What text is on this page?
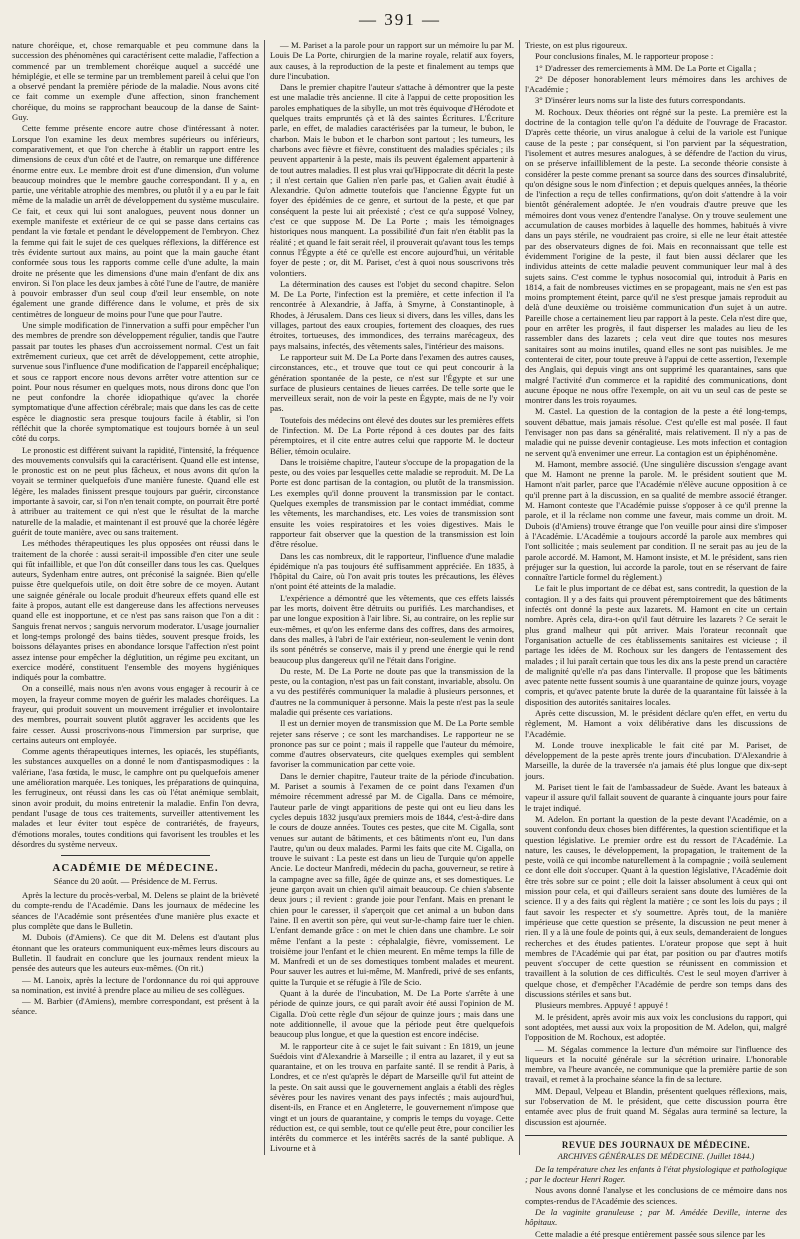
— 391 —

nature choréique, et, chose remarquable et peu commune dans la succession des phénomènes qui caractérisent cette maladie, l'affection a commencé par un tremblement choréique auquel a succédé une hémiplégie, et elle se termine par un tremblement pareil à celui que l'on a observé pendant la première période de la maladie. Nous avons cité ce fait comme un exemple d'une affection, sinon franchement choréique, du moins se rapprochant beaucoup de la danse de Saint-Guy.

Cette femme présente encore autre chose d'intéressant à noter. Lorsque l'on examine les deux membres supérieurs ou inférieurs, comparativement, et que l'on cherche à établir un rapport entre les dimensions de ceux d'un côté et de l'autre, on remarque une différence énorme entre eux. Le membre droit est d'une dimension, d'un volume beaucoup moindres que le membre gauche correspondant. Il y a, en partie, une véritable atrophie des membres, ou plutôt il y a eu par le fait même de la maladie un arrêt de développement du système musculaire. Ce fait, et ceux qui lui sont analogues, peuvent nous donner un exemple manifeste et extérieur de ce qui se passe dans certains cas pendant la vie fœtale et pendant le développement de l'embryon. Chez la femme qui fait le sujet de ces quelques réflexions, la différence est très évidente surtout aux mains, au point que la main gauche étant conformée sous tous les rapports comme celle d'une adulte, la main droite ne présente que les dimensions d'une main d'enfant de dix ans environ. Si l'on place les deux jambes à côté l'une de l'autre, de manière à pouvoir embrasser d'un seul coup d'œil leur ensemble, on note également une grande différence dans le volume, et près de six centimètres de longueur de moins pour l'une que pour l'autre.

Une simple modification de l'innervation a suffi pour empêcher l'un des membres de prendre son développement régulier, tandis que l'autre passait par toutes les phases d'un accroissement normal. C'est un fait extrêmement curieux, que cet arrêt de développement, cette atrophie, survenue sous l'influence d'une modification de l'appareil encéphalique; et sous ce rapport encore nous devons arrêter votre attention sur ce point. Pour nous résumer en quelques mots, nous dirons donc que l'on ne peut confondre la chorée idiopathique qu'avec la chorée symptomatique d'une affection cérébrale; mais que dans les cas de cette espèce le diagnostic sera presque toujours facile à établir, si l'on réfléchit que la chorée symptomatique est toujours bornée à un seul côté du corps.

Le pronostic est différent suivant la rapidité, l'intensité, la fréquence des mouvements convulsifs qui la caractérisent. Quand elle est intense, le pronostic est on ne peut plus fâcheux, et nous avons dit qu'on la voyait se terminer quelquefois d'une manière funeste. Quand elle est légère, les malades finissent presque toujours par guérir, circonstance importante à savoir, car, si l'on n'en tenait compte, on pourrait être porté à attribuer au traitement ce qui n'est que le résultat de la marche naturelle de la maladie, et maintenant il est prouvé que la chorée légère guérit de toute manière, avec ou sans traitement.

Les méthodes thérapeutiques les plus opposées ont réussi dans le traitement de la chorée : aussi serait-il impossible d'en citer une seule qui fût infaillible, et que l'on dût conseiller dans tous les cas. Quelques auteurs, Sydenham entre autres, ont préconisé la saignée. Bien qu'elle puisse être quelquefois utile, on doit être sobre de ce moyen. Autant une saignée générale ou locale produit d'heureux effets quand elle est faite à propos, autant elle est dangereuse dans les affections nerveuses quand elle est inopportune, et ce n'est pas sans raison que l'on a dit : Sanguis frenat nervos ; sanguis nervorum moderator. L'usage journalier et long-temps prolongé des bains tièdes, souvent presque froids, les boissons délayantes prises en abondance lorsque l'affection n'est point assez intense pour empêcher la déglutition, un régime peu excitant, un exercice modéré, constituent l'ensemble des moyens hygiéniques indiqués pour la combattre.

On a conseillé, mais nous n'en avons vous engager à recourir à ce moyen, la frayeur comme moyen de guérir les malades choréiques. La frayeur, qui produit souvent un mouvement irrégulier et involontaire des membres, pourrait souvent plutôt aggraver les accidents que les faire cesser. Aussi proscrivons-nous l'immersion par surprise, que certains auteurs ont employée.

Comme agents thérapeutiques internes, les opiacés, les stupéfiants, les substances auxquelles on a donné le nom d'antispasmodiques : la valériane, l'asa fœtida, le musc, le camphre ont pu quelquefois amener une amélioration marquée. Les toniques, les préparations de quinquina, les ferrugineux, ont réussi dans les cas où l'état anémique semblait, sinon avoir produit, du moins entretenir la maladie. Enfin l'on devra, pendant l'usage de tous ces traitements, surveiller attentivement les malades et leur éviter tout espèce de contrariétés, de frayeurs, d'émotions morales, toutes conditions qui favorisent les troubles et les désordres du système nerveux.

ACADÉMIE DE MÉDECINE.
Séance du 20 août. — Présidence de M. Ferrus.

Après la lecture du procès-verbal, M. Delens se plaint de la brièveté du compte-rendu de l'Académie. Dans les journaux de médecine les séances de l'Académie sont présentées d'une manière plus exacte et plus complète que dans le Bulletin.

M. Dubois (d'Amiens). Ce que dit M. Delens est d'autant plus étonnant que les orateurs communiquent eux-mêmes leurs discours au Bulletin. Il faudrait en conclure que les journaux rendent mieux la pensée des auteurs que les auteurs eux-mêmes. (On rit.)

— M. Lanoix, après la lecture de l'ordonnance du roi qui approuve sa nomination, est invité à prendre place au milieu de ses collègues.

— M. Barbier (d'Amiens), membre correspondant, est présent à la séance.

— M. Pariset a la parole pour un rapport sur un mémoire lu par M. Louis De La Porte, chirurgien de la marine royale, relatif aux foyers, aux causes, à la reproduction de la peste et finalement au temps que dure l'incubation.

Dans le premier chapitre l'auteur s'attache à démontrer que la peste est une maladie très ancienne. Il cite à l'appui de cette proposition les paroles emphatiques de la sibylle, un mot très équivoque d'Hérodote et quelques traits empruntés çà et là des saintes Écritures. L'Écriture parle, en effet, de maladies caractérisées par la tumeur, le bubon, le charbon. Mais le bubon et le charbon sont partout ; les tumeurs, les charbons avec fièvre et fièvre, constituent des maladies spéciales ; ils peuvent appartenir à la peste, mais ils peuvent également appartenir à de tout autres maladies. Il est plus vrai qu'Hippocrate dit décrit la peste ; il n'est certain que Galien n'en parle pas, et Galien avait étudié à Alexandrie. Qu'on admette toutefois que l'ancienne Égypte fut un foyer des épidémies de ce genre, et surtout de la peste, et que par conséquent la peste lui ait préexisté ; c'est ce qu'a supposé Volney, c'est ce que suppose M. De La Porte ; mais les témoignages historiques nous manquent. La possibilité d'un fait n'en établit pas la réalité ; et quand le fait serait réel, il prouverait qu'avant tous les temps connus l'Égypte a été ce qu'elle est encore aujourd'hui, un véritable foyer de peste ; or, dit M. Pariset, c'est à quoi nous souscrivons très volontiers.

La détermination des causes est l'objet du second chapitre. Selon M. De La Porte, l'infection est la première, et cette infection il l'a rencontrée à Alexandrie, à Jaffa, à Smyrne, à Constantinople, à Rhodes, à Jérusalem. Dans ces lieux si divers, dans les villes, dans les villages, partout des eaux croupies, fortement des cloaques, des rues étroites, tortueuses, des immondices, des terrains marécageux, des pays malsains, infectés, des vêtements sales, l'intérieur des maisons.

Le rapporteur suit M. De La Porte dans l'examen des autres causes, circonstances, etc., et trouve que tout ce qui peut concourir à la génération spontanée de la peste, ce n'est sur l'Égypte et sur une surface de plusieurs centaines de lieues carrées. De telle sorte que le merveilleux serait, non de voir la peste en Égypte, mais de ne l'y voir pas.

Toutefois des médecins ont élevé des doutes sur les premières effets de l'infection. M. De La Porte répond à ces doutes par des faits péremptoires, et il cite entre autres celui que rapporte M. le docteur Bélier, témoin oculaire.

Dans le troisième chapitre, l'auteur s'occupe de la propagation de la peste, ou des voies par lesquelles cette maladie se reproduit. M. De La Porte est donc partisan de la contagion, ou plutôt de la transmission. Les exemples qu'il donne prouvent la transmission par le contact. Quelques exemples de transmission par le contact immédiat, comme les vêtements, les marchandises, etc. Les voies de transmission sont ensuite les voies respiratoires et les voies digestives. Mais le rapporteur fait observer que la question de la transmission est loin d'être résolue.

Dans les cas nombreux, dit le rapporteur, l'influence d'une maladie épidémique n'a pas toujours été suffisamment appréciée. En 1835, à l'hôpital du Caire, où l'on avait pris toutes les précautions, les élèves n'ont point été atteints de la maladie.

L'expérience a démontré que les vêtements, que ces effets laissés par les morts, doivent être détruits ou purifiés. Les marchandises, et par une longue exposition à l'air libre. Si, au contraire, on les replie sur eux-mêmes, et qu'on les enferme dans des coffres, dans des armoires, dans des malles, à l'abri de l'air extérieur, non-seulement le venin dont ils sont pénétrés se conserve, mais il y prend une énergie qui le rend beaucoup plus dangereux qu'il ne l'était dans l'origine.

Du reste, M. De La Porte ne doute pas que la transmission de la peste, ou la contagion, n'est pas un fait constant, invariable, absolu. On a vu des pestiférés communiquer la maladie à plusieurs personnes, et d'autres ne la communiquer à personne. Mais la peste n'est pas la seule maladie qui présente ces variations.

Il est un dernier moyen de transmission que M. De La Porte semble rejeter sans réserve ; ce sont les marchandises. Le rapporteur ne se prononce pas sur ce point ; mais il rappelle que l'auteur du mémoire, comme d'autres observateurs, cite quelques exemples qui semblent favoriser la communication par cette voie.

Dans le dernier chapitre, l'auteur traite de la période d'incubation. M. Pariset a soumis à l'examen de ce point dans l'examen d'un mémoire récemment adressé par M. de Cigalla. Dans ce mémoire, l'auteur parle de vingt apparitions de peste qui ont eu lieu dans les cycles depuis 1832 jusqu'aux premiers mois de 1844, c'est-à-dire dans le cours de douze années. Toutes ces pestes, que cite M. Cigalla, sont venues sur autant de bâtiments, et ces bâtiments n'ont eu, l'un dans l'autre, qu'un ou deux malades. Parmi les faits que cite M. Cigalla, on trouve le suivant : La peste est dans un lieu de Turquie qu'on appelle Ancie. Le docteur Manfredi, médecin du pacha, gouverneur, se retire à la campagne avec sa fille, âgée de quinze ans, et ses domestiques. Le jeune garçon avait un chien qu'il aimait beaucoup. Ce chien s'absente deux jours ; il revient : grande joie pour l'enfant. Mais en prenant le chien pour le caresser, il s'aperçoit que cet animal a un bubon dans l'aine. Il en avertit son père, qui veut sur-le-champ faire tuer le chien. L'enfant demande grâce : on met le chien dans une chambre. Le soir même l'enfant a la peste : céphalalgie, fièvre, vomissement. Le troisième jour l'enfant et le chien meurent. En même temps la fille de M. Manfredi et un de ses domestiques tombent malades et meurent. Pour sauver les autres et lui-même, M. Manfredi, privé de ses enfants, quitte la Turquie et se réfugie à l'île de Scio.

Quant à la durée de l'incubation, M. De La Porte s'arrête à une période de quinze jours, ce qui paraît avoir été aussi l'opinion de M. Cigalla. D'où cette règle d'un séjour de quinze jours ; mais dans une note additionnelle, il avoue que la période peut être quelquefois beaucoup plus longue, et que la question est encore indécise.

M. le rapporteur cite à ce sujet le fait suivant : En 1819, un jeune Suédois vint d'Alexandrie à Marseille ; il entra au lazaret, il y eut sa quarantaine, et on les trouva en parfaite santé. Il se rendit à Paris, à Londres, et ce n'est qu'après le départ de Marseille qu'il fut atteint de la peste. On sait aussi que le gouvernement anglais a établi des règles sévères pour les navires venant des pays infectés ; mais aujourd'hui, disent-ils, en France et en Angleterre, le gouvernement n'impose que vingt et un jours de quarantaine, y compris le temps du voyage. Cette réduction est, ce qui semble, tout ce qu'elle peut être, pour concilier les intérêts du commerce et les intérêts sacrés de la santé publique. A Livourne et à

Trieste, on est plus rigoureux.

Pour conclusions finales, M. le rapporteur propose :

1° D'adresser des remerciements à MM. De La Porte et Cigalla ;

2° De déposer honorablement leurs mémoires dans les archives de l'Académie ;

3° D'insérer leurs noms sur la liste des futurs correspondants.

M. Rochoux. Deux théories ont régné sur la peste. La première est la doctrine de la contagion telle qu'on l'a déduite de l'ouvrage de Fracastor. D'après cette théorie, un virus analogue à celui de la variole est l'unique cause de la peste ; par conséquent, si l'on parvient par la séquestration, l'isolement et autres mesures analogues, à se défendre de l'action du virus, on se préserve infailliblement de la peste. La seconde théorie consiste à considérer la peste comme prenant sa source dans des sources d'insalubrité, qu'on désigne sous le nom d'infection ; et depuis quelques années, la théorie de l'infection a reçu de telles confirmations, qu'on doit s'attendre à la voir bientôt généralement adoptée. Je n'en voudrais d'autre preuve que les mémoires dont vous venez d'entendre l'analyse. On y trouve seulement une accumulation de causes morbides à laquelle des hommes, habitués à vivre dans un pays stérile, ne voudraient pas croire, si elle ne leur était attestée par des observateurs dignes de foi. Mais en reconnaissant que telle est évidemment l'origine de la peste, il faut bien aussi déclarer que les individus atteints de cette maladie peuvent communiquer leur mal à des sujets sains. C'est comme le typhus nosocomial qui, introduit à Paris en 1814, a fait de nombreuses victimes en se propageant, mais ne s'en est pas moins promptement éteint, parce qu'il ne s'est presque jamais reproduit au delà d'une deuxième ou troisième communication d'un sujet à un autre. Pareille chose a certainement lieu par rapport à la peste. Cela n'est dire que, pour en arrêter les progrès, il faut disperser les malades au lieu de les rassembler dans des lazarets ; cela veut dire que toutes nos mesures sanitaires sont au moins inutiles, quand elles ne sont pas nuisibles. Je me contenterai de citer, pour toute preuve à l'appui de cette assertion, l'exemple des Anglais, qui depuis vingt ans ont supprimé les quarantaines, sans que malgré l'activité d'un commerce et la rapidité des communications, dont aucune époque ne nous offre l'exemple, on ait vu un seul cas de peste se montrer dans les trois royaumes.

M. Castel. La question de la contagion de la peste a été long-temps, souvent débattue, mais jamais résolue. C'est qu'elle est mal posée. Il faut l'envisager non pas dans sa généralité, mais relativement. Il n'y a pas de maladie qui ne puisse devenir contagieuse. Les mots infection et contagion ne servent qu'à envenimer une erreur. La contagion est un épiphénomène.

M. Hamont, membre associé. (Une singulière discussion s'engage avant que M. Hamont ne prenne la parole. M. le président soutient que M. Hamont n'ait parler, parce que l'Académie n'élève aucune opposition à ce qu'il prenne part à la discussion, en sa qualité de membre associé étranger. M. Hamont conteste que l'Académie puisse s'opposer à ce qu'il prenne la parole, et il la réclame non comme une faveur, mais comme un droit. M. Dubois (d'Amiens) trouve étrange que l'on veuille pour ainsi dire s'imposer à l'Académie. L'Académie a toujours accordé la parole aux membres qui l'ont sollicitée ; mais seulement par condition. Il ne serait pas au jeu de la parole accordé. M. Hamont, M. Hamont insiste, et M. le président, sans rien préjuger sur la question, lui accorde la parole, tout en se réservant de faire connaître l'article formel du règlement.)

Le fait le plus important de ce débat est, sans contredit, la question de la contagion. Il y a des faits qui prouvent péremptoirement que des bâtiments infectés ont donné la peste aux lazarets. M. Hamont en cite un certain nombre. Après cela, dira-t-on qu'il faut détruire les lazarets ? Ce serait le plus grand malheur qui pût arriver. Mais l'orateur reconnaît que l'organisation actuelle de ces établissements sanitaires est vicieuse ; il partage les idées de M. Rochoux sur les dangers de l'entassement des malades ; il lui paraît certain que tous les dix ans la peste prend un caractère de malignité qu'elle n'a pas dans l'intervalle. Il propose que les bâtiments avec patente nette fussent soumis à une quarantaine de quinze jours, voyage compris, et qu'avec patente brute la durée de la quarantaine fût laissée à la disposition des autorités sanitaires locales.

Après cette discussion, M. le président déclare qu'en effet, en vertu du règlement, M. Hamont a voix délibérative dans les discussions de l'Académie.

M. Londe trouve inexplicable le fait cité par M. Pariset, de développement de la peste après trente jours d'incubation. D'Alexandrie à Marseille, la durée de la traversée n'a jamais été plus longue que dix-sept jours.

M. Pariset tient le fait de l'ambassadeur de Suède. Avant les bateaux à vapeur il assure qu'il fallait souvent de quarante à cinquante jours pour faire le trajet indiqué.

M. Adelon. En portant la question de la peste devant l'Académie, on a souvent confondu deux choses bien différentes, la question scientifique et la question législative. Le premier ordre est du ressort de l'Académie. La nature, les causes, le développement, la propagation, le traitement de la peste, voilà ce qui incombe naturellement à la compagnie ; voilà seulement ce dont elle doit s'occuper. Quant à la question législative, l'Académie doit être très sobre sur ce point ; elle doit la laisser absolument à ceux qui ont mission pour cela, et qui d'ailleurs seraient sans doute des lumières de la science. Il y a des faits qui règlent la matière ; ce sont les lois du pays ; il faut savoir les respecter et s'y soumettre. Après tout, de la manière impérieuse que cette question se présente, la discussion ne peut mener à rien. Il y a là une foule de points qui, à eux seuls, demanderaient de longues recherches et des études patientes. L'orateur propose que sept à huit membres de l'Académie qui par état, par position ou par d'autres motifs peuvent s'occuper de cette question se réunissent en commission et travaillent à la solution de ces difficultés. C'est le seul moyen d'arriver à quelque chose, et d'empêcher l'Académie de perdre son temps dans des discussions stériles et sans but.

Plusieurs membres. Appuyé ! appuyé !

M. le président, après avoir mis aux voix les conclusions du rapport, qui sont adoptées, met aussi aux voix la proposition de M. Adelon, qui, malgré l'opposition de M. Rochoux, est adoptée.

— M. Ségalas commence la lecture d'un mémoire sur l'influence des liqueurs et la nocuité générale sur la sécrétion urinaire. L'honorable membre, va l'heure avancée, ne communique que la première partie de son travail, et remet à la prochaine séance la fin de sa lecture.

MM. Depaul, Velpeau et Blandin, présentent quelques réflexions, mais, sur l'observation de M. le président, que cette discussion pourra être entamée avec plus de fruit quand M. Ségalas aura terminé sa lecture, la discussion est ajournée.

REVUE DES JOURNAUX DE MÉDECINE.
ARCHIVES GÉNÉRALES DE MÉDECINE. (Juillet 1844.)

De la température chez les enfants à l'état physiologique et pathologique ; par le docteur Henri Roger.

Nous avons donné l'analyse et les conclusions de ce mémoire dans nos comptes-rendus de l'Académie des sciences.

De la vaginite granuleuse ; par M. Amédée Deville, interne des hôpitaux.

Cette maladie a été presque entièrement passée sous silence par les
